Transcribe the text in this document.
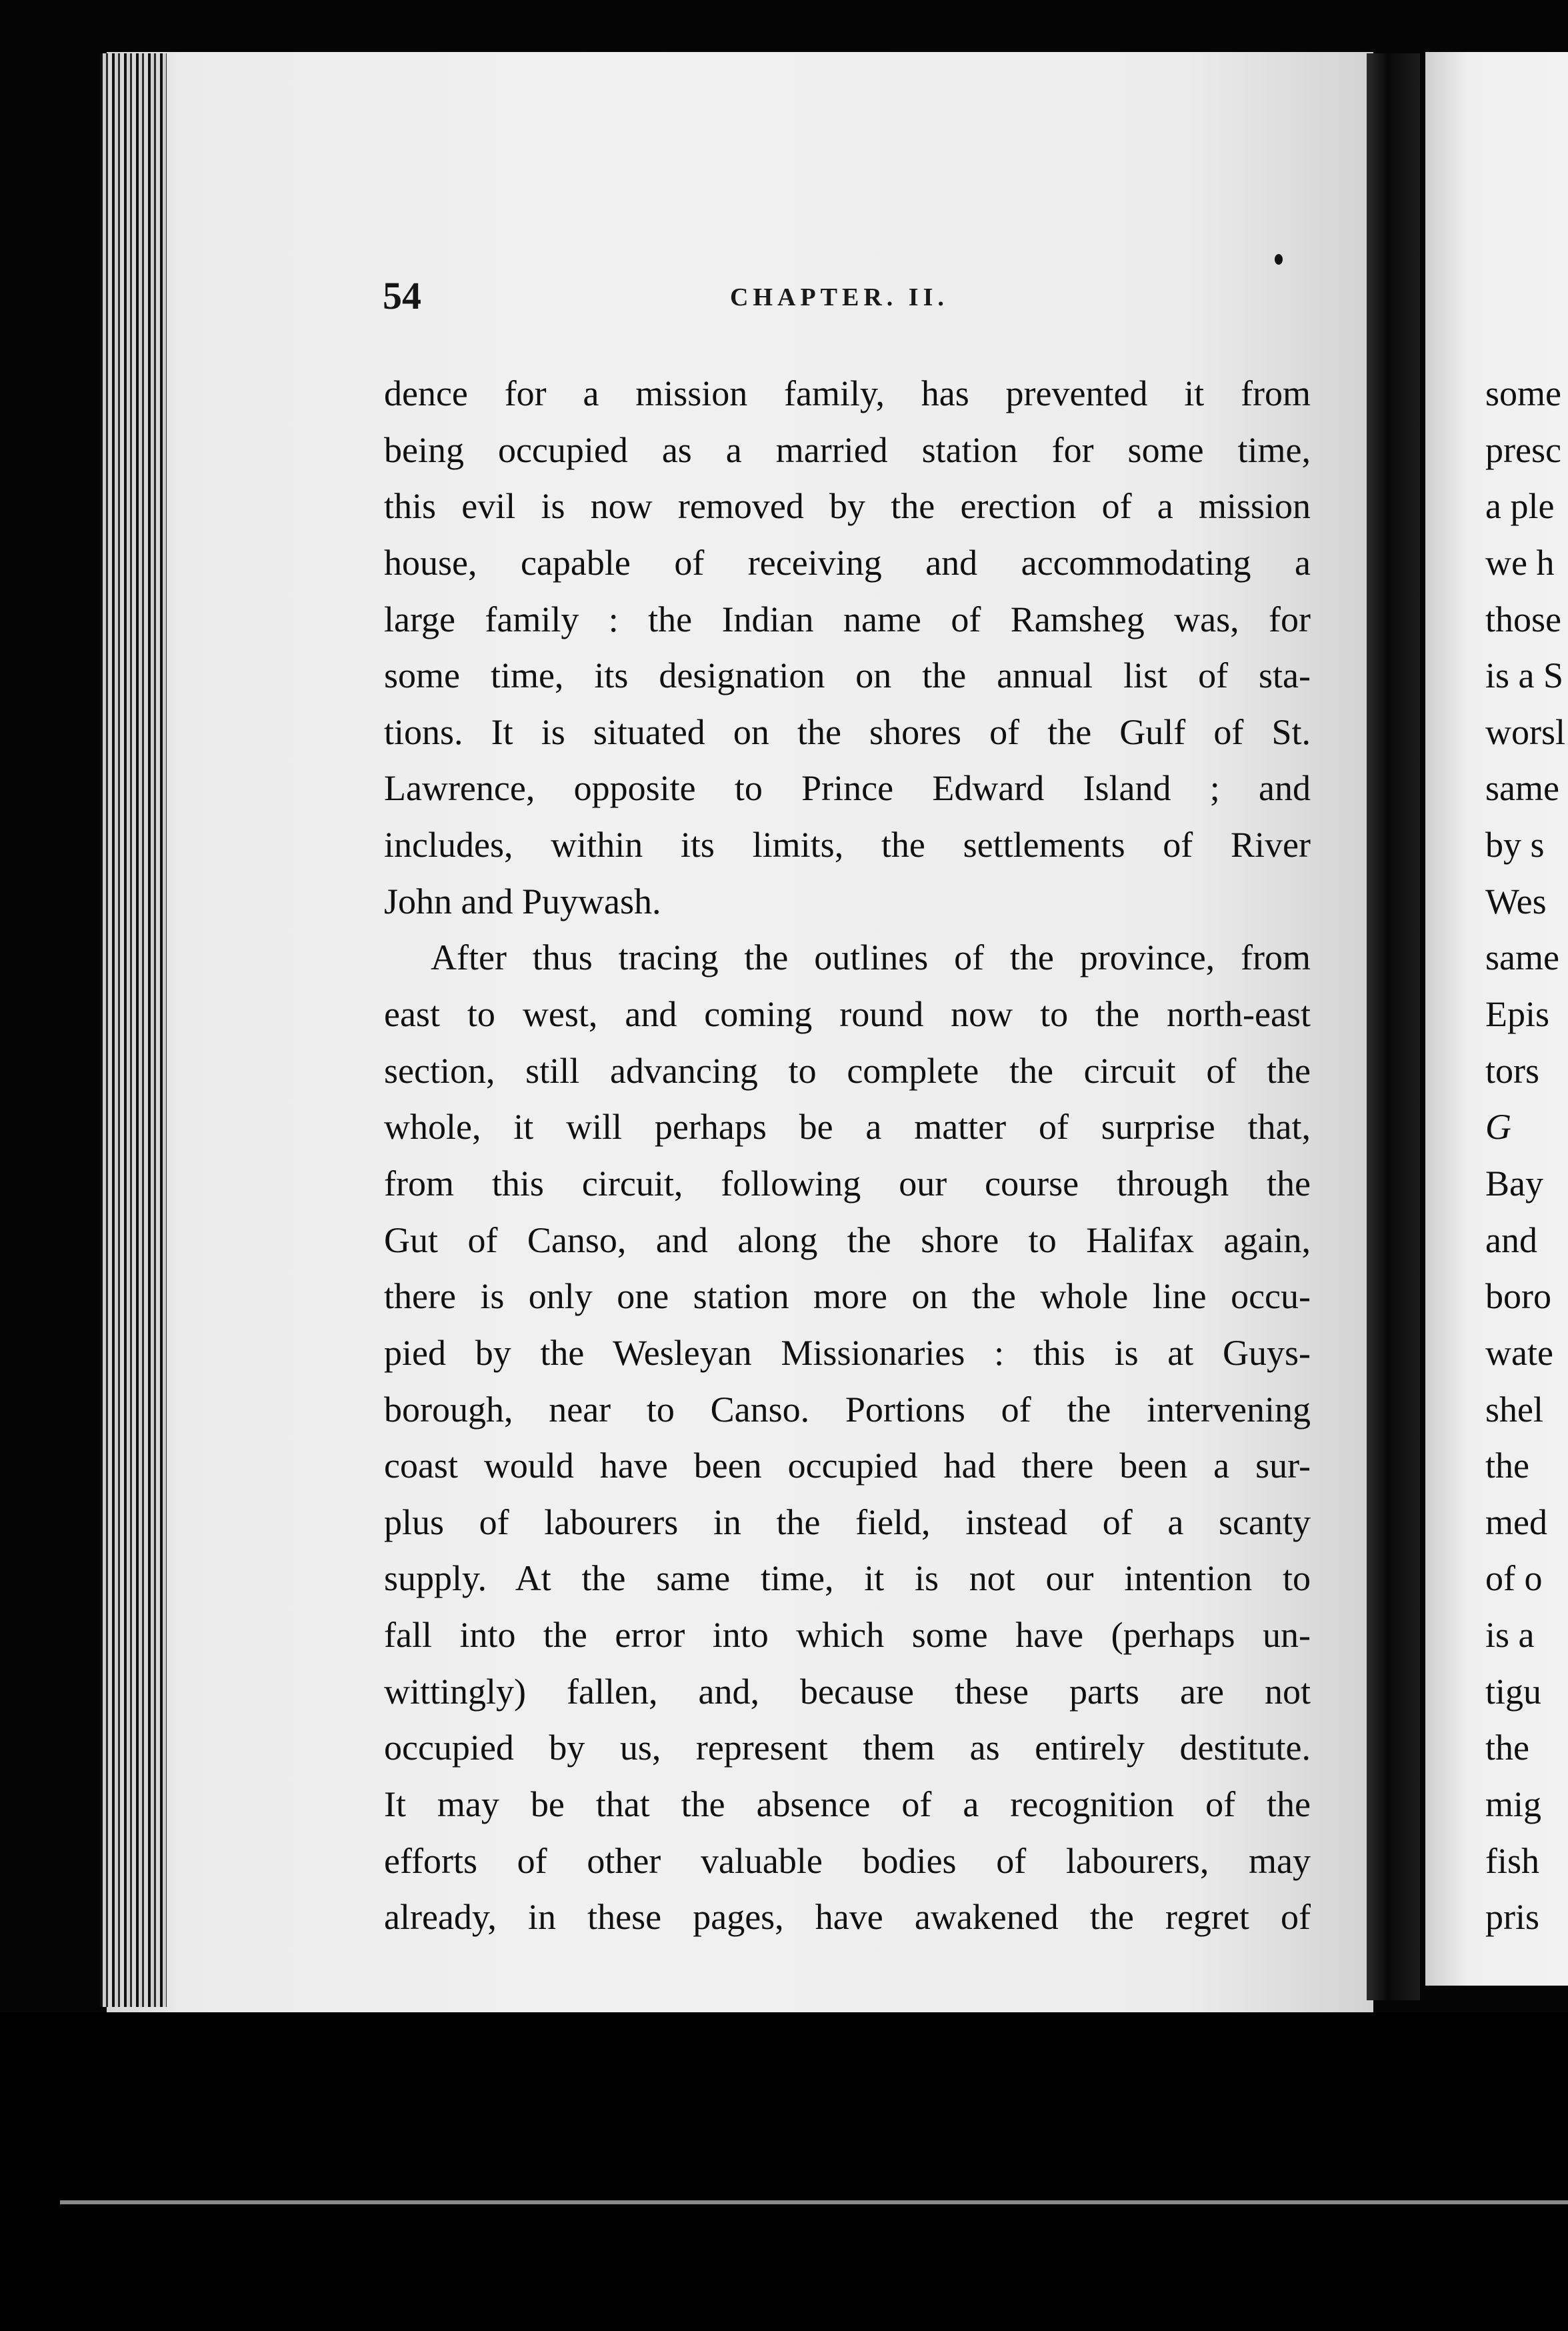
54	CHAPTER. II.
dence for a mission family, has prevented it from
being occupied as a married station for some time,
this evil is now removed by the erection of a mission
house, capable of receiving and accommodating a
large family : the Indian name of Ramsheg was, for
some time, its designation on the annual list of sta-
tions. It is situated on the shores of the Gulf of St.
Lawrence, opposite to Prince Edward Island ; and
includes, within its limits, the settlements of River
John and Puywash.
After thus tracing the outlines of the province, from
east to west, and coming round now to the north-east
section, still advancing to complete the circuit of the
whole, it will perhaps be a matter of surprise that,
from this circuit, following our course through the
Gut of Canso, and along the shore to Halifax again,
there is only one station more on the whole line occu-
pied by the Wesleyan Missionaries : this is at Guys-
borough, near to Canso. Portions of the intervening
coast would have been occupied had there been a sur-
plus of labourers in the field, instead of a scanty
supply. At the same time, it is not our intention to
fall into the error into which some have (perhaps un-
wittingly) fallen, and, because these parts are not
occupied by us, represent them as entirely destitute.
It may be that the absence of a recognition of the
efforts of other valuable bodies of labourers, may
already, in these pages, have awakened the regret of
some
presc
a ple
we h
those
is a S
worsl
same
by s
Wes
same
Epis
tors
G
Bay
and
boro
wate
shel
the
med
of o
is a
tigu
the
mig
fish
pris
